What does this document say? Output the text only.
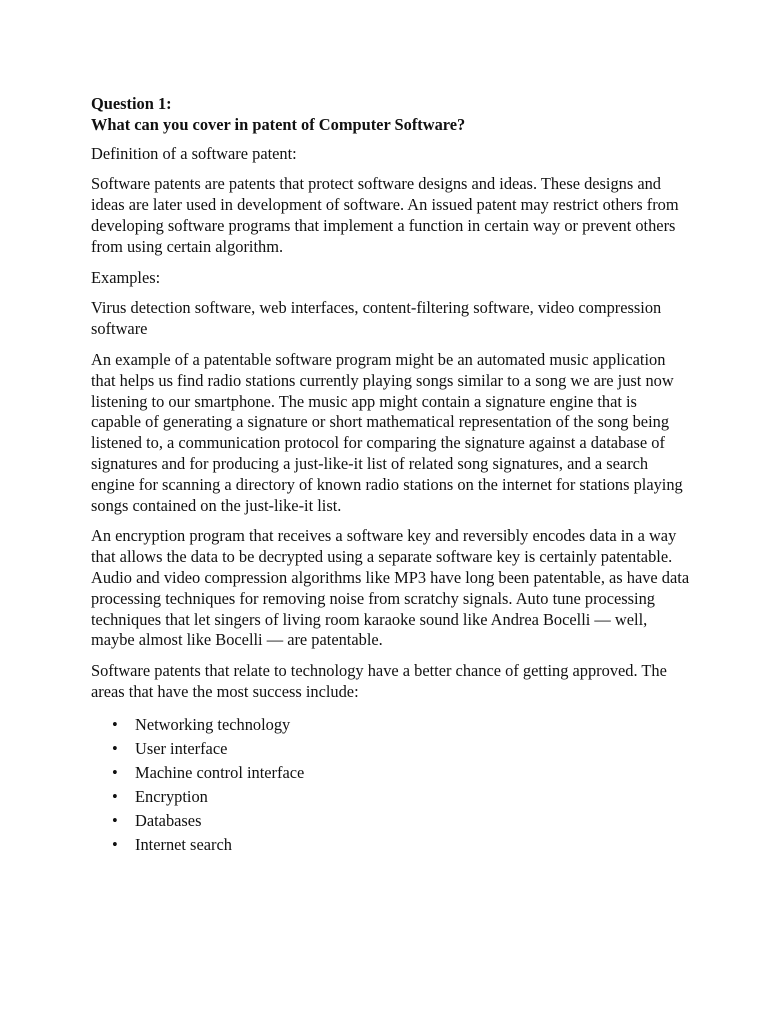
Question 1:
What can you cover in patent of Computer Software?

Definition of a software patent:

Software patents are patents that protect software designs and ideas. These designs and ideas are later used in development of software. An issued patent may restrict others from developing software programs that implement a function in certain way or prevent others from using certain algorithm.

Examples:

Virus detection software, web interfaces, content-filtering software, video compression software

An example of a patentable software program might be an automated music application that helps us find radio stations currently playing songs similar to a song we are just now listening to our smartphone. The music app might contain a signature engine that is capable of generating a signature or short mathematical representation of the song being listened to, a communication protocol for comparing the signature against a database of signatures and for producing a just-like-it list of related song signatures, and a search engine for scanning a directory of known radio stations on the internet for stations playing songs contained on the just-like-it list.

An encryption program that receives a software key and reversibly encodes data in a way that allows the data to be decrypted using a separate software key is certainly patentable. Audio and video compression algorithms like MP3 have long been patentable, as have data processing techniques for removing noise from scratchy signals. Auto tune processing techniques that let singers of living room karaoke sound like Andrea Bocelli — well, maybe almost like Bocelli — are patentable.

Software patents that relate to technology have a better chance of getting approved. The areas that have the most success include:

• Networking technology
• User interface
• Machine control interface
• Encryption
• Databases
• Internet search
